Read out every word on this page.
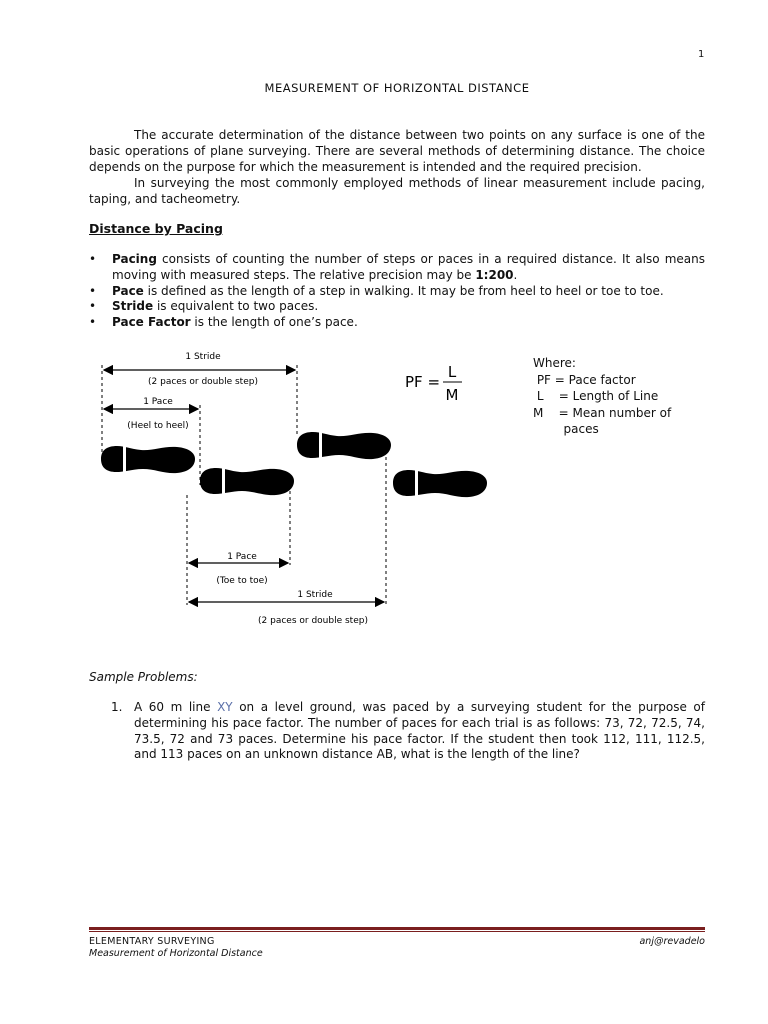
1
MEASUREMENT OF HORIZONTAL DISTANCE
The accurate determination of the distance between two points on any surface is one of the basic operations of plane surveying. There are several methods of determining distance. The choice depends on the purpose for which the measurement is intended and the required precision.
In surveying the most commonly employed methods of linear measurement include pacing, taping, and tacheometry.
Distance by Pacing
• Pacing consists of counting the number of steps or paces in a required distance. It also means moving with measured steps. The relative precision may be 1:200.
• Pace is defined as the length of a step in walking. It may be from heel to heel or toe to toe.
• Stride is equivalent to two paces.
• Pace Factor is the length of one’s pace.
1 Stride
(2 paces or double step)
1 Pace
(Heel to heel)
PF =
L
M
1 Pace
(Toe to toe)
1 Stride
(2 paces or double step)
Where:
PF = Pace factor
L    = Length of Line
M    = Mean number of
paces
Sample Problems:
1. A 60 m line XY on a level ground, was paced by a surveying student for the purpose of determining his pace factor. The number of paces for each trial is as follows: 73, 72, 72.5, 74, 73.5, 72 and 73 paces. Determine his pace factor. If the student then took 112, 111, 112.5, and 113 paces on an unknown distance AB, what is the length of the line?
ELEMENTARY SURVEYING
Measurement of Horizontal Distance
anj@revadelo
